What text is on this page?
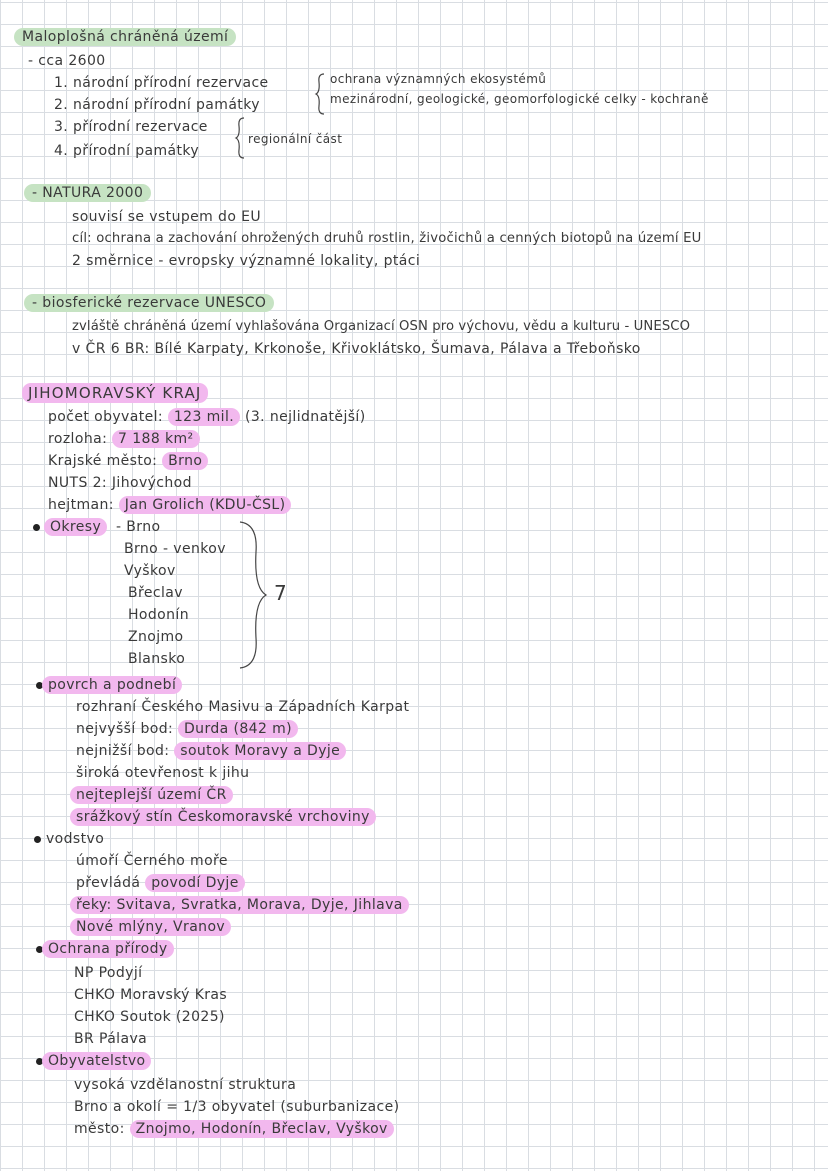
Maloplošná chráněná území
- cca 2600
1. národní přírodní rezervace
2. národní přírodní památky
3. přírodní rezervace
4. přírodní památky
ochrana významných ekosystémů
mezinárodní, geologické, geomorfologické celky - kochraně
regionální část
- NATURA 2000
souvisí se vstupem do EU
cíl: ochrana a zachování ohrožených druhů rostlin, živočichů a cenných biotopů na území EU
2 směrnice - evropsky významné lokality, ptáci
- biosferické rezervace UNESCO
zvláště chráněná území vyhlašována Organizací OSN pro výchovu, vědu a kulturu - UNESCO
v ČR 6 BR: Bílé Karpaty, Krkonoše, Křivoklátsko, Šumava, Pálava a Třeboňsko
JIHOMORAVSKÝ KRAJ
počet obyvatel: 123 mil. (3. nejlidnatější)
rozloha: 7 188 km²
Krajské město: Brno
NUTS 2: Jihovýchod
hejtman: Jan Grolich (KDU-ČSL)
Okresy	- Brno
Brno - venkov
Vyškov
Břeclav
Hodonín
Znojmo
Blansko
7
povrch a podnebí
rozhraní Českého Masivu a Západních Karpat
nejvyšší bod: Durda (842 m)
nejnižší bod: soutok Moravy a Dyje
široká otevřenost k jihu
nejteplejší území ČR
srážkový stín Českomoravské vrchoviny
vodstvo
úmoří Černého moře
převládá povodí Dyje
řeky: Svitava, Svratka, Morava, Dyje, Jihlava
Nové mlýny, Vranov
Ochrana přírody
NP Podyjí
CHKO Moravský Kras
CHKO Soutok (2025)
BR Pálava
Obyvatelstvo
vysoká vzdělanostní struktura
Brno a okolí = 1/3 obyvatel (suburbanizace)
město: Znojmo, Hodonín, Břeclav, Vyškov
